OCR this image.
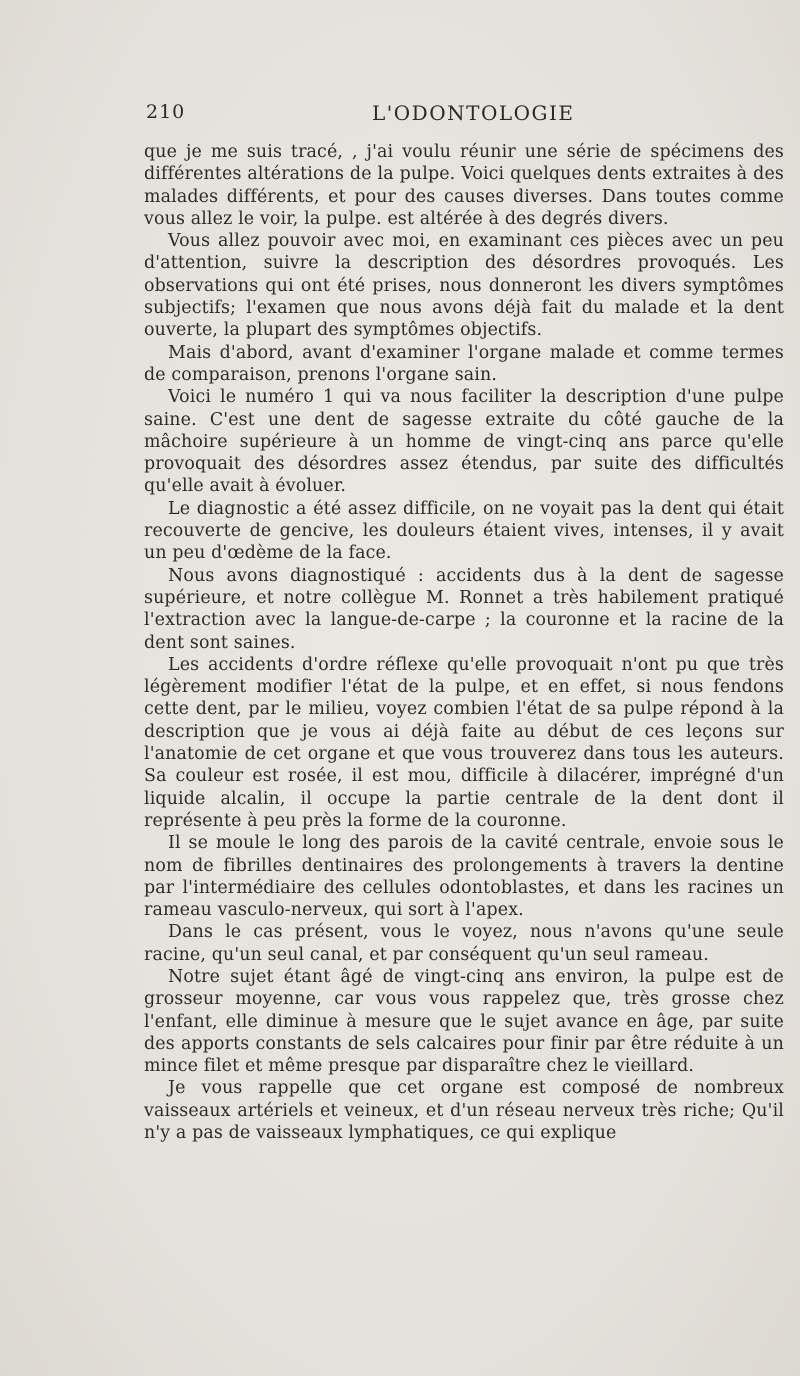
210	L'ODONTOLOGIE

que je me suis tracé, , j'ai voulu réunir une série de spécimens des différentes altérations de la pulpe. Voici quelques dents extraites à des malades différents, et pour des causes diverses. Dans toutes comme vous allez le voir, la pulpe. est altérée à des degrés divers.

Vous allez pouvoir avec moi, en examinant ces pièces avec un peu d'attention, suivre la description des désordres provoqués. Les observations qui ont été prises, nous donneront les divers symptômes subjectifs; l'examen que nous avons déjà fait du malade et la dent ouverte, la plupart des symptômes objectifs.

Mais d'abord, avant d'examiner l'organe malade et comme termes de comparaison, prenons l'organe sain.

Voici le numéro 1 qui va nous faciliter la description d'une pulpe saine. C'est une dent de sagesse extraite du côté gauche de la mâchoire supérieure à un homme de vingt-cinq ans parce qu'elle provoquait des désordres assez étendus, par suite des difficultés qu'elle avait à évoluer.

Le diagnostic a été assez difficile, on ne voyait pas la dent qui était recouverte de gencive, les douleurs étaient vives, intenses, il y avait un peu d'œdème de la face.

Nous avons diagnostiqué : accidents dus à la dent de sagesse supérieure, et notre collègue M. Ronnet a très habilement pratiqué l'extraction avec la langue-de-carpe ; la couronne et la racine de la dent sont saines.

Les accidents d'ordre réflexe qu'elle provoquait n'ont pu que très légèrement modifier l'état de la pulpe, et en effet, si nous fendons cette dent, par le milieu, voyez combien l'état de sa pulpe répond à la description que je vous ai déjà faite au début de ces leçons sur l'anatomie de cet organe et que vous trouverez dans tous les auteurs. Sa couleur est rosée, il est mou, difficile à dilacérer, imprégné d'un liquide alcalin, il occupe la partie centrale de la dent dont il représente à peu près la forme de la couronne.

Il se moule le long des parois de la cavité centrale, envoie sous le nom de fibrilles dentinaires des prolongements à travers la dentine par l'intermédiaire des cellules odontoblastes, et dans les racines un rameau vasculo-nerveux, qui sort à l'apex.

Dans le cas présent, vous le voyez, nous n'avons qu'une seule racine, qu'un seul canal, et par conséquent qu'un seul rameau.

Notre sujet étant âgé de vingt-cinq ans environ, la pulpe est de grosseur moyenne, car vous vous rappelez que, très grosse chez l'enfant, elle diminue à mesure que le sujet avance en âge, par suite des apports constants de sels calcaires pour finir par être réduite à un mince filet et même presque par disparaître chez le vieillard.

Je vous rappelle que cet organe est composé de nombreux vaisseaux artériels et veineux, et d'un réseau nerveux très riche; Qu'il n'y a pas de vaisseaux lymphatiques, ce qui explique
